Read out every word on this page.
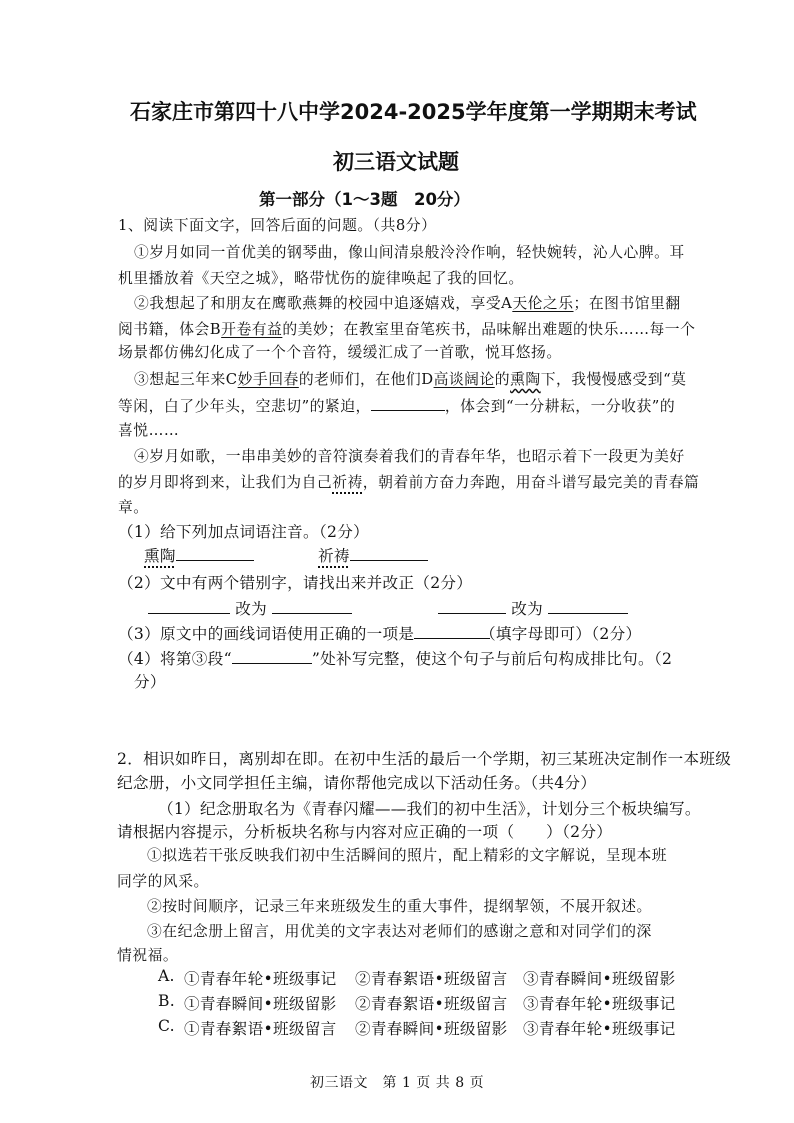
石家庄市第四十八中学2024-2025学年度第一学期期末考试
初三语文试题
第一部分（1～3题　20分）
1、阅读下面文字，回答后面的问题。（共8分）
①岁月如同一首优美的钢琴曲，像山间清泉般泠泠作响，轻快婉转，沁人心脾。耳
机里播放着《天空之城》，略带忧伤的旋律唤起了我的回忆。
②我想起了和朋友在鹰歌燕舞的校园中追逐嬉戏，享受A天伦之乐；在图书馆里翻
阅书籍，体会B开卷有益的美妙；在教室里奋笔疾书，品味解出难题的快乐……每一个
场景都仿佛幻化成了一个个音符，缓缓汇成了一首歌，悦耳悠扬。
③想起三年来C妙手回春的老师们，在他们D高谈阔论的熏陶下，我慢慢感受到“莫
等闲，白了少年头，空悲切”的紧迫，	，体会到“一分耕耘，一分收获”的
喜悦……
④岁月如歌，一串串美妙的音符演奏着我们的青春年华，也昭示着下一段更为美好
的岁月即将到来，让我们为自己祈祷，朝着前方奋力奔跑，用奋斗谱写最完美的青春篇
章。
（1）给下列加点词语注音。（2分）
熏陶	祈祷
（2）文中有两个错别字，请找出来并改正（2分）
改为	改为
（3）原文中的画线词语使用正确的一项是	（填字母即可）（2分）
（4）将第③段“	”处补写完整，使这个句子与前后句构成排比句。（2
分）
2．相识如昨日，离别却在即。在初中生活的最后一个学期，初三某班决定制作一本班级
纪念册，小文同学担任主编，请你帮他完成以下活动任务。（共4分）
（1）纪念册取名为《青春闪耀——我们的初中生活》，计划分三个板块编写。
请根据内容提示，分析板块名称与内容对应正确的一项（　　）（2分）
①拟选若干张反映我们初中生活瞬间的照片，配上精彩的文字解说，呈现本班
同学的风采。
②按时间顺序，记录三年来班级发生的重大事件，提纲挈领，不展开叙述。
③在纪念册上留言，用优美的文字表达对老师们的感谢之意和对同学们的深
情祝福。
A. ①青春年轮•班级事记 ②青春絮语•班级留言 ③青春瞬间•班级留影
B. ①青春瞬间•班级留影 ②青春絮语•班级留言 ③青春年轮•班级事记
C. ①青春絮语•班级留言 ②青春瞬间•班级留影 ③青春年轮•班级事记
初三语文　第 1 页 共 8 页
